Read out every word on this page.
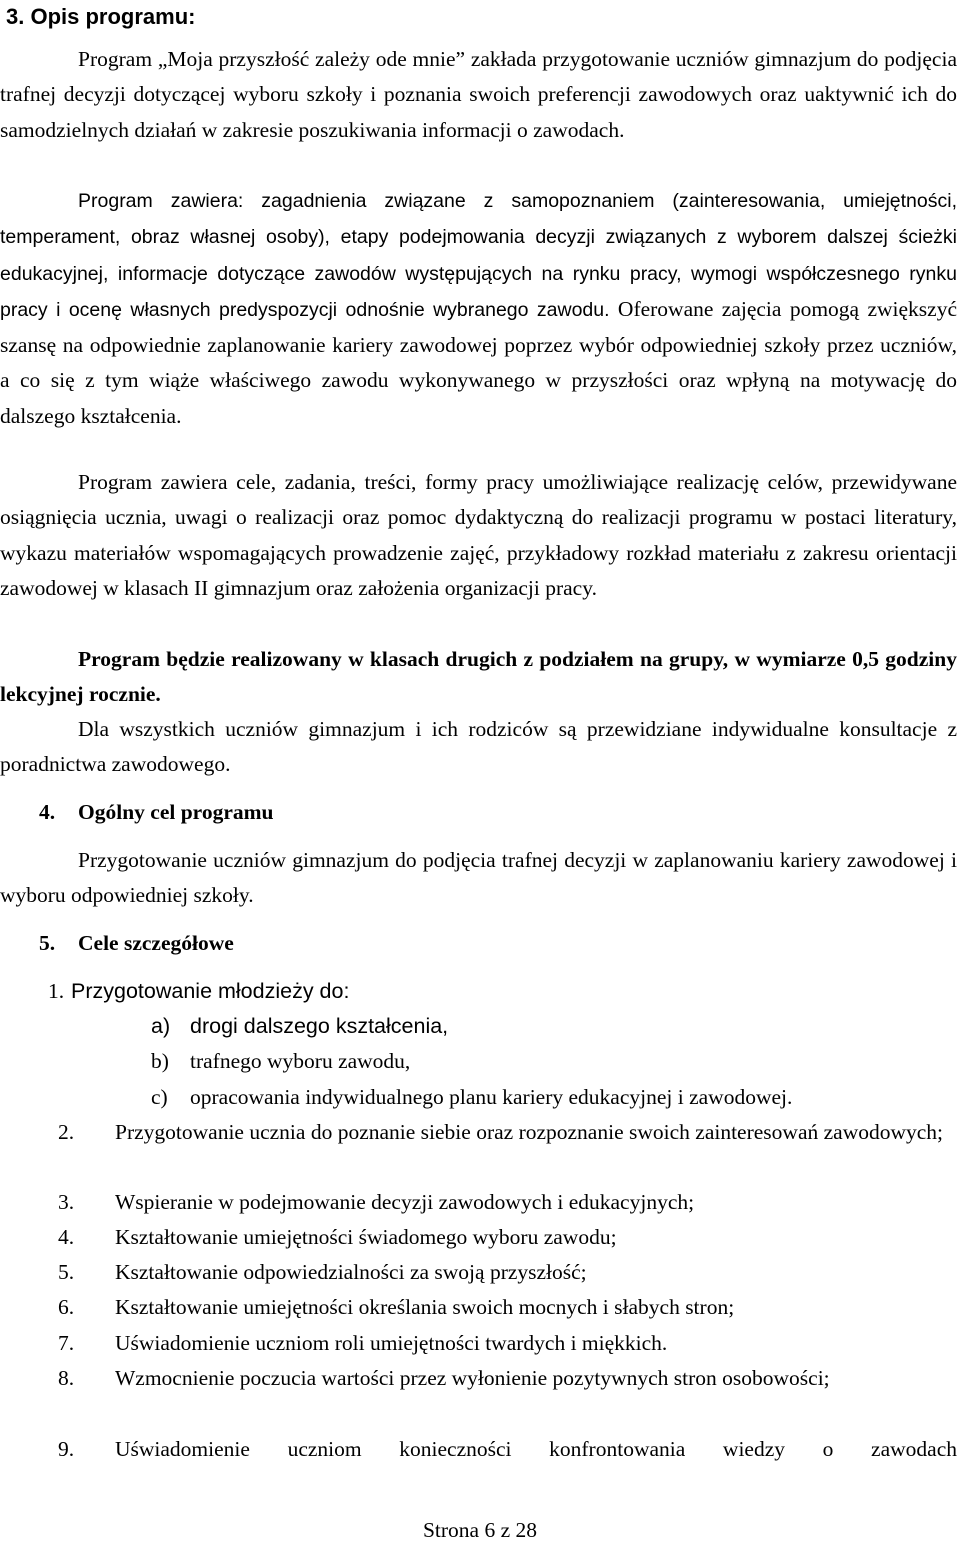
3. Opis programu:
Program „Moja przyszłość zależy ode mnie” zakłada przygotowanie uczniów gimnazjum do podjęcia trafnej decyzji dotyczącej wyboru szkoły i poznania swoich preferencji zawodowych oraz uaktywnić ich do samodzielnych działań w zakresie poszukiwania informacji o zawodach.
Program zawiera: zagadnienia związane z samopoznaniem (zainteresowania, umiejętności, temperament, obraz własnej osoby), etapy podejmowania decyzji związanych z wyborem dalszej ścieżki edukacyjnej, informacje dotyczące zawodów występujących na rynku pracy, wymogi współczesnego rynku pracy i ocenę własnych predyspozycji odnośnie wybranego zawodu. Oferowane zajęcia pomogą zwiększyć szansę na odpowiednie zaplanowanie kariery zawodowej poprzez wybór odpowiedniej szkoły przez uczniów, a co się z tym wiąże właściwego zawodu wykonywanego w przyszłości oraz wpłyną na motywację do dalszego kształcenia.
Program zawiera cele, zadania, treści, formy pracy umożliwiające realizację celów, przewidywane osiągnięcia ucznia, uwagi o realizacji oraz pomoc dydaktyczną do realizacji programu w postaci literatury, wykazu materiałów wspomagających prowadzenie zajęć, przykładowy rozkład materiału z zakresu orientacji zawodowej w klasach II gimnazjum oraz założenia organizacji pracy.
Program będzie realizowany w klasach drugich z podziałem na grupy, w wymiarze 0,5 godziny lekcyjnej rocznie.
Dla wszystkich uczniów gimnazjum i ich rodziców są przewidziane indywidualne konsultacje z poradnictwa zawodowego.
4. Ogólny cel programu
Przygotowanie uczniów gimnazjum do podjęcia trafnej decyzji w zaplanowaniu kariery zawodowej i wyboru odpowiedniej szkoły.
5. Cele szczegółowe
1. Przygotowanie młodzieży do:
a) drogi dalszego kształcenia,
b) trafnego wyboru zawodu,
c) opracowania indywidualnego planu kariery edukacyjnej i zawodowej.
2. Przygotowanie ucznia do poznanie siebie oraz rozpoznanie swoich zainteresowań zawodowych;
3. Wspieranie w podejmowanie decyzji zawodowych i edukacyjnych;
4. Kształtowanie umiejętności świadomego wyboru zawodu;
5. Kształtowanie odpowiedzialności za swoją przyszłość;
6. Kształtowanie umiejętności określania swoich mocnych i słabych stron;
7. Uświadomienie uczniom roli umiejętności twardych i miękkich.
8. Wzmocnienie poczucia wartości przez wyłonienie pozytywnych stron osobowości;
9. Uświadomienie uczniom konieczności konfrontowania wiedzy o zawodach
Strona 6 z 28
